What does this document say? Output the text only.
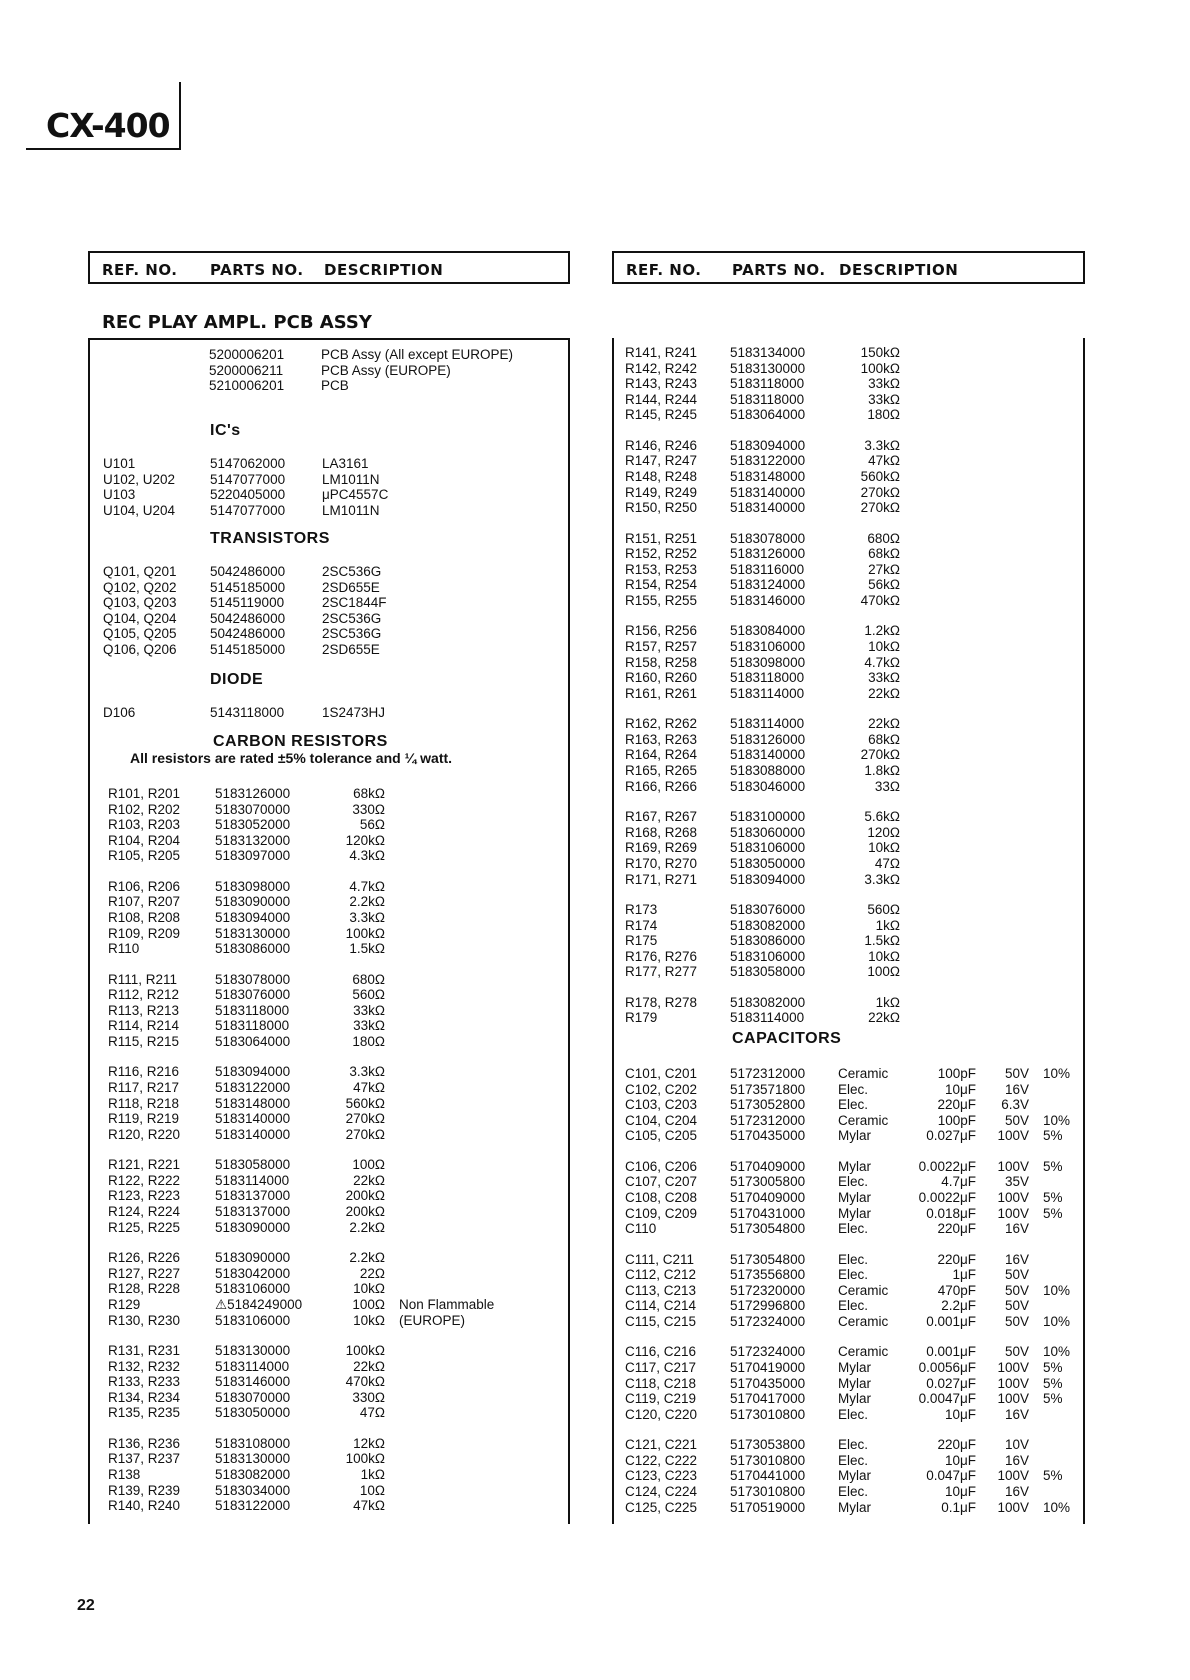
CX-400
REF. NO. PARTS NO. DESCRIPTION	REF. NO. PARTS NO. DESCRIPTION
REC PLAY AMPL. PCB ASSY
5200006201	PCB Assy (All except EUROPE)
5200006211	PCB Assy (EUROPE)
5210006201	PCB
IC's
U101	5147062000	LA3161
U102, U202	5147077000	LM1011N
U103	5220405000	μPC4557C
U104, U204	5147077000	LM1011N
TRANSISTORS
Q101, Q201 5042486000	2SC536G
Q102, Q202 5145185000	2SD655E
Q103, Q203 5145119000	2SC1844F
Q104, Q204 5042486000	2SC536G
Q105, Q205 5042486000	2SC536G
Q106, Q206 5145185000	2SD655E
DIODE
D106	5143118000	1S2473HJ
CARBON RESISTORS
All resistors are rated ±5% tolerance and ¼ watt.
R101, R201	5183126000	68kΩ
R102, R202	5183070000	330Ω
R103, R203	5183052000	56Ω
R104, R204	5183132000	120kΩ
R105, R205	5183097000	4.3kΩ
R106, R206	5183098000	4.7kΩ
R107, R207	5183090000	2.2kΩ
R108, R208	5183094000	3.3kΩ
R109, R209	5183130000	100kΩ
R110	5183086000	1.5kΩ
R111, R211	5183078000	680Ω
R112, R212	5183076000	560Ω
R113, R213	5183118000	33kΩ
R114, R214	5183118000	33kΩ
R115, R215	5183064000	180Ω
R116, R216	5183094000	3.3kΩ
R117, R217	5183122000	47kΩ
R118, R218	5183148000	560kΩ
R119, R219	5183140000	270kΩ
R120, R220	5183140000	270kΩ
R121, R221	5183058000	100Ω
R122, R222	5183114000	22kΩ
R123, R223	5183137000	200kΩ
R124, R224	5183137000	200kΩ
R125, R225	5183090000	2.2kΩ
R126, R226	5183090000	2.2kΩ
R127, R227	5183042000	22Ω
R128, R228	5183106000	10kΩ
R129	⚠5184249000	100Ω Non Flammable
R130, R230	5183106000	10kΩ (EUROPE)
R131, R231	5183130000	100kΩ
R132, R232	5183114000	22kΩ
R133, R233	5183146000	470kΩ
R134, R234	5183070000	330Ω
R135, R235	5183050000	47Ω
R136, R236	5183108000	12kΩ
R137, R237	5183130000	100kΩ
R138	5183082000	1kΩ
R139, R239	5183034000	10Ω
R140, R240	5183122000	47kΩ
R141, R241 5183134000	150kΩ
R142, R242 5183130000	100kΩ
R143, R243 5183118000	33kΩ
R144, R244 5183118000	33kΩ
R145, R245 5183064000	180Ω
R146, R246 5183094000	3.3kΩ
R147, R247 5183122000	47kΩ
R148, R248 5183148000	560kΩ
R149, R249 5183140000	270kΩ
R150, R250 5183140000	270kΩ
R151, R251 5183078000	680Ω
R152, R252 5183126000	68kΩ
R153, R253 5183116000	27kΩ
R154, R254 5183124000	56kΩ
R155, R255 5183146000	470kΩ
R156, R256 5183084000	1.2kΩ
R157, R257 5183106000	10kΩ
R158, R258 5183098000	4.7kΩ
R160, R260 5183118000	33kΩ
R161, R261 5183114000	22kΩ
R162, R262 5183114000	22kΩ
R163, R263 5183126000	68kΩ
R164, R264 5183140000	270kΩ
R165, R265 5183088000	1.8kΩ
R166, R266 5183046000	33Ω
R167, R267 5183100000	5.6kΩ
R168, R268 5183060000	120Ω
R169, R269 5183106000	10kΩ
R170, R270 5183050000	47Ω
R171, R271 5183094000	3.3kΩ
R173	5183076000	560Ω
R174	5183082000	1kΩ
R175	5183086000	1.5kΩ
R176, R276 5183106000	10kΩ
R177, R277 5183058000	100Ω
R178, R278 5183082000	1kΩ
R179	5183114000	22kΩ
CAPACITORS
C101, C201 5172312000 Ceramic	100pF	50V 10%
C102, C202 5173571800 Elec.	10μF	16V
C103, C203 5173052800 Elec.	220μF	6.3V
C104, C204 5172312000 Ceramic	100pF	50V 10%
C105, C205 5170435000 Mylar	0.027μF	100V 5%
C106, C206 5170409000 Mylar	0.0022μF	100V 5%
C107, C207 5173005800 Elec.	4.7μF	35V
C108, C208 5170409000 Mylar	0.0022μF	100V 5%
C109, C209 5170431000 Mylar	0.018μF	100V 5%
C110	5173054800 Elec.	220μF	16V
C111, C211	5173054800 Elec.	220μF	16V
C112, C212	5173556800 Elec.	1μF	50V
C113, C213	5172320000 Ceramic	470pF	50V 10%
C114, C214	5172996800 Elec.	2.2μF	50V
C115, C215	5172324000 Ceramic	0.001μF	50V 10%
C116, C216	5172324000 Ceramic	0.001μF	50V 10%
C117, C217	5170419000 Mylar	0.0056μF	100V 5%
C118, C218	5170435000 Mylar	0.027μF	100V 5%
C119, C219	5170417000 Mylar	0.0047μF	100V 5%
C120, C220 5173010800 Elec.	10μF	16V
C121, C221 5173053800 Elec.	220μF	10V
C122, C222 5173010800 Elec.	10μF	16V
C123, C223 5170441000 Mylar	0.047μF	100V 5%
C124, C224 5173010800 Elec.	10μF	16V
C125, C225 5170519000 Mylar	0.1μF	100V 10%
22
